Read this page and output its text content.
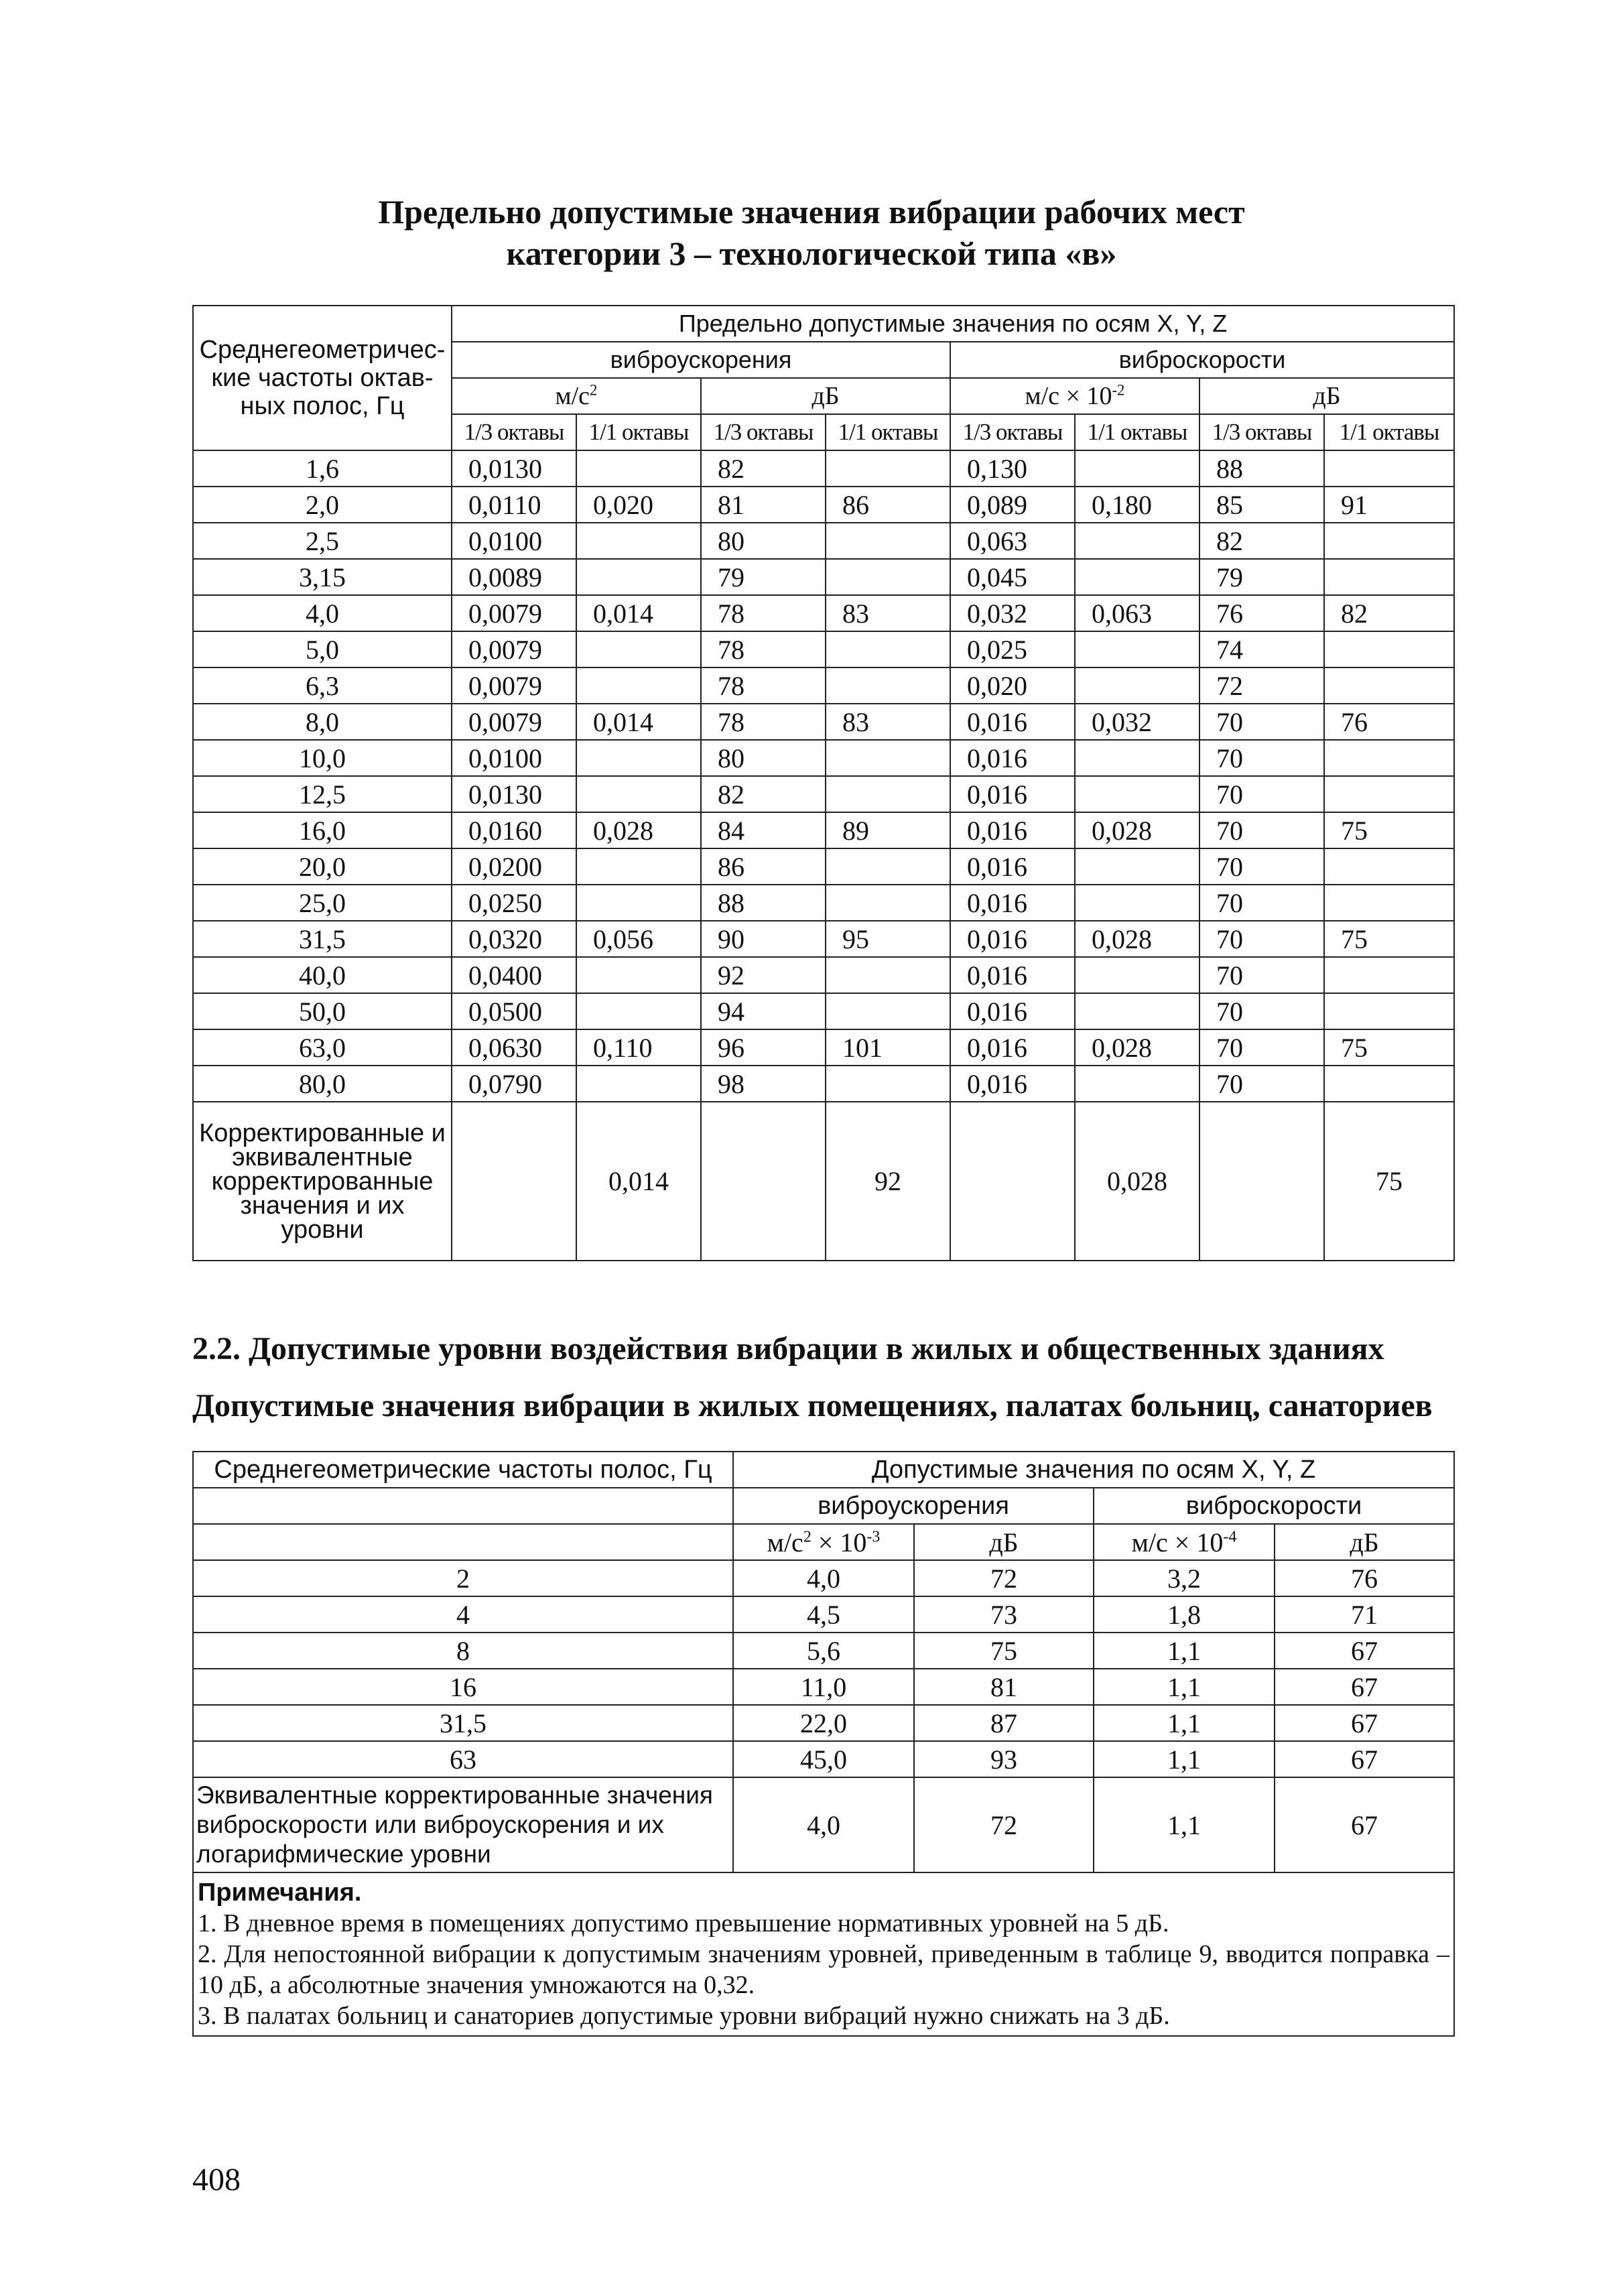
Предельно допустимые значения вибрации рабочих мест
категории 3 – технологической типа «в»
Среднегеометричес-кие частоты октав-ных полос, Гц	Предельно допустимые значения по осям X, Y, Z							
	виброускорения				виброскорости			
	$м/с^2$		дБ		$м/с \times 10^{-2}$		дБ	
	1/3 октавы	1/1 октавы	1/3 октавы	1/1 октавы	1/3 октавы	1/1 октавы	1/3 октавы	1/1 октавы
1,6	0,0130		82		0,130		88	
2,0	0,0110	0,020	81	86	0,089	0,180	85	91
2,5	0,0100		80		0,063		82	
3,15	0,0089		79		0,045		79	
4,0	0,0079	0,014	78	83	0,032	0,063	76	82
5,0	0,0079		78		0,025		74	
6,3	0,0079		78		0,020		72	
8,0	0,0079	0,014	78	83	0,016	0,032	70	76
10,0	0,0100		80		0,016		70	
12,5	0,0130		82		0,016		70	
16,0	0,0160	0,028	84	89	0,016	0,028	70	75
20,0	0,0200		86		0,016		70	
25,0	0,0250		88		0,016		70	
31,5	0,0320	0,056	90	95	0,016	0,028	70	75
40,0	0,0400		92		0,016		70	
50,0	0,0500		94		0,016		70	
63,0	0,0630	0,110	96	101	0,016	0,028	70	75
80,0	0,0790		98		0,016		70	
Корректированные и эквивалентные корректированные значения и их уровни		0,014		92		0,028		75
2.2. Допустимые уровни воздействия вибрации в жилых и общественных зданиях
Допустимые значения вибрации в жилых помещениях, палатах больниц, санаториев
Среднегеометрические частоты полос, Гц	Допустимые значения по осям X, Y, Z			
	виброускорения		виброскорости	
	$м/с^2 \times 10^{-3}$	дБ	$м/с \times 10^{-4}$	дБ
2	4,0	72	3,2	76
4	4,5	73	1,8	71
8	5,6	75	1,1	67
16	11,0	81	1,1	67
31,5	22,0	87	1,1	67
63	45,0	93	1,1	67
Эквивалентные корректированные значения виброскорости или виброускорения и их логарифмические уровни	4,0	72	1,1	67

Примечания.
1. В дневное время в помещениях допустимо превышение нормативных уровней на 5 дБ.
2. Для непостоянной вибрации к допустимым значениям уровней, приведенным в таблице 9, вводится поправка –10 дБ, а абсолютные значения умножаются на 0,32.
3. В палатах больниц и санаториев допустимые уровни вибраций нужно снижать на 3 дБ.				
408
